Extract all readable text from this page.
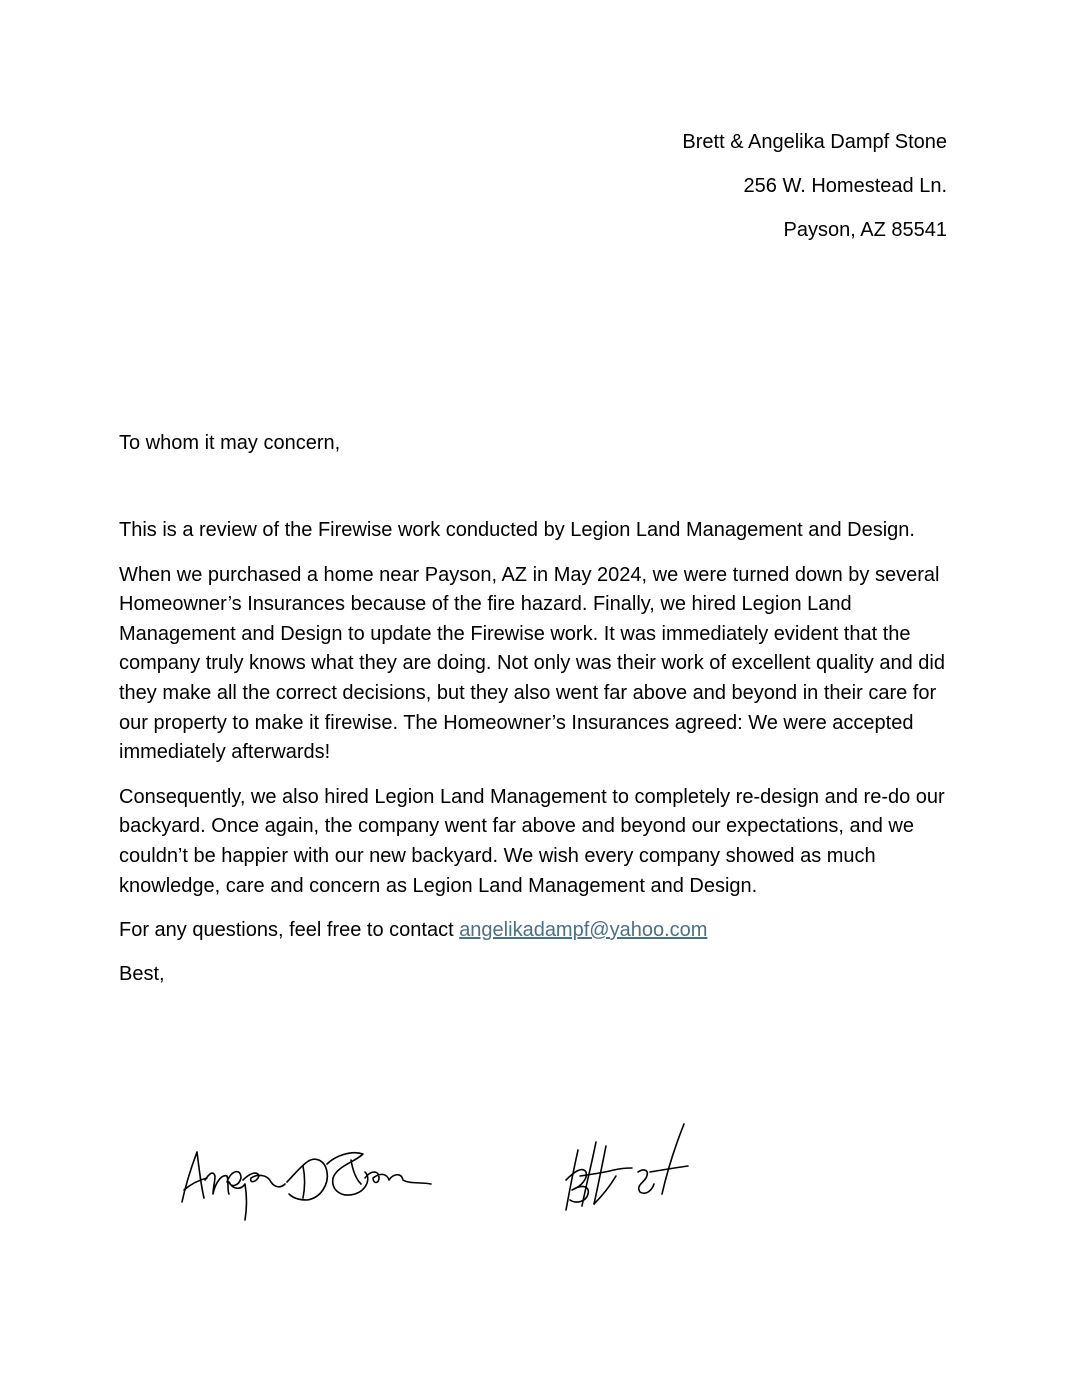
Brett & Angelika Dampf Stone
256 W. Homestead Ln.
Payson, AZ 85541
To whom it may concern,

This is a review of the Firewise work conducted by Legion Land Management and Design.

When we purchased a home near Payson, AZ in May 2024, we were turned down by several Homeowner’s Insurances because of the fire hazard. Finally, we hired Legion Land Management and Design to update the Firewise work. It was immediately evident that the company truly knows what they are doing. Not only was their work of excellent quality and did they make all the correct decisions, but they also went far above and beyond in their care for our property to make it firewise. The Homeowner’s Insurances agreed: We were accepted immediately afterwards!

Consequently, we also hired Legion Land Management to completely re-design and re-do our backyard. Once again, the company went far above and beyond our expectations, and we couldn’t be happier with our new backyard. We wish every company showed as much knowledge, care and concern as Legion Land Management and Design.

For any questions, feel free to contact angelikadampf@yahoo.com

Best,
